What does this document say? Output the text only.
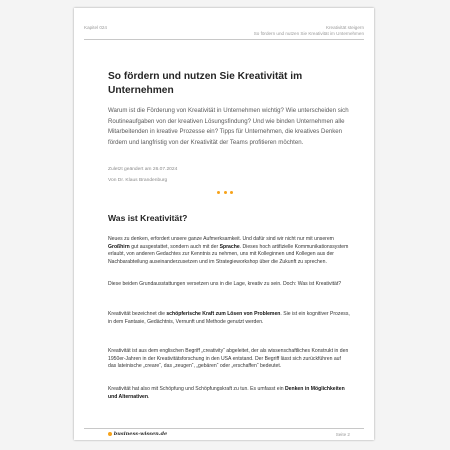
Kapitel 024	Kreativität steigern
So fördern und nutzen Sie Kreativität im Unternehmen
So fördern und nutzen Sie Kreativität im Unternehmen

Warum ist die Förderung von Kreativität in Unternehmen wichtig? Wie unterscheiden sich Routineaufgaben von der kreativen Lösungsfindung? Und wie binden Unternehmen alle Mitarbeitenden in kreative Prozesse ein? Tipps für Unternehmen, die kreatives Denken fördern und langfristig von der Kreativität der Teams profitieren möchten.

Zuletzt geändert am 26.07.2024
Von Dr. Klaus Brandenburg
Was ist Kreativität?

Neues zu denken, erfordert unsere ganze Aufmerksamkeit. Und dafür sind wir nicht nur mit unserem Großhirn gut ausgestattet, sondern auch mit der Sprache. Dieses hoch artifizielle Kommunikationssystem erlaubt, von anderen Gedachtes zur Kenntnis zu nehmen, uns mit Kolleginnen und Kollegen aus der Nachbarabteilung auseinanderzusetzen und im Strategieworkshop über die Zukunft zu sprechen.

Diese beiden Grundausstattungen versetzen uns in die Lage, kreativ zu sein. Doch: Was ist Kreativität?

Kreativität bezeichnet die schöpferische Kraft zum Lösen von Problemen. Sie ist ein kognitiver Prozess, in dem Fantasie, Gedächtnis, Vernunft und Methode genutzt werden.

Kreativität ist aus dem englischen Begriff „creativity“ abgeleitet, der als wissenschaftliches Konstrukt in den 1950er-Jahren in der Kreativitätsforschung in den USA entstand. Der Begriff lässt sich zurückführen auf das lateinische „creare“, das „zeugen“, „gebären“ oder „erschaffen“ bedeutet.

Kreativität hat also mit Schöpfung und Schöpfungskraft zu tun. Es umfasst ein Denken in Möglichkeiten und Alternativen.

business-wissen.de	Seite 2
